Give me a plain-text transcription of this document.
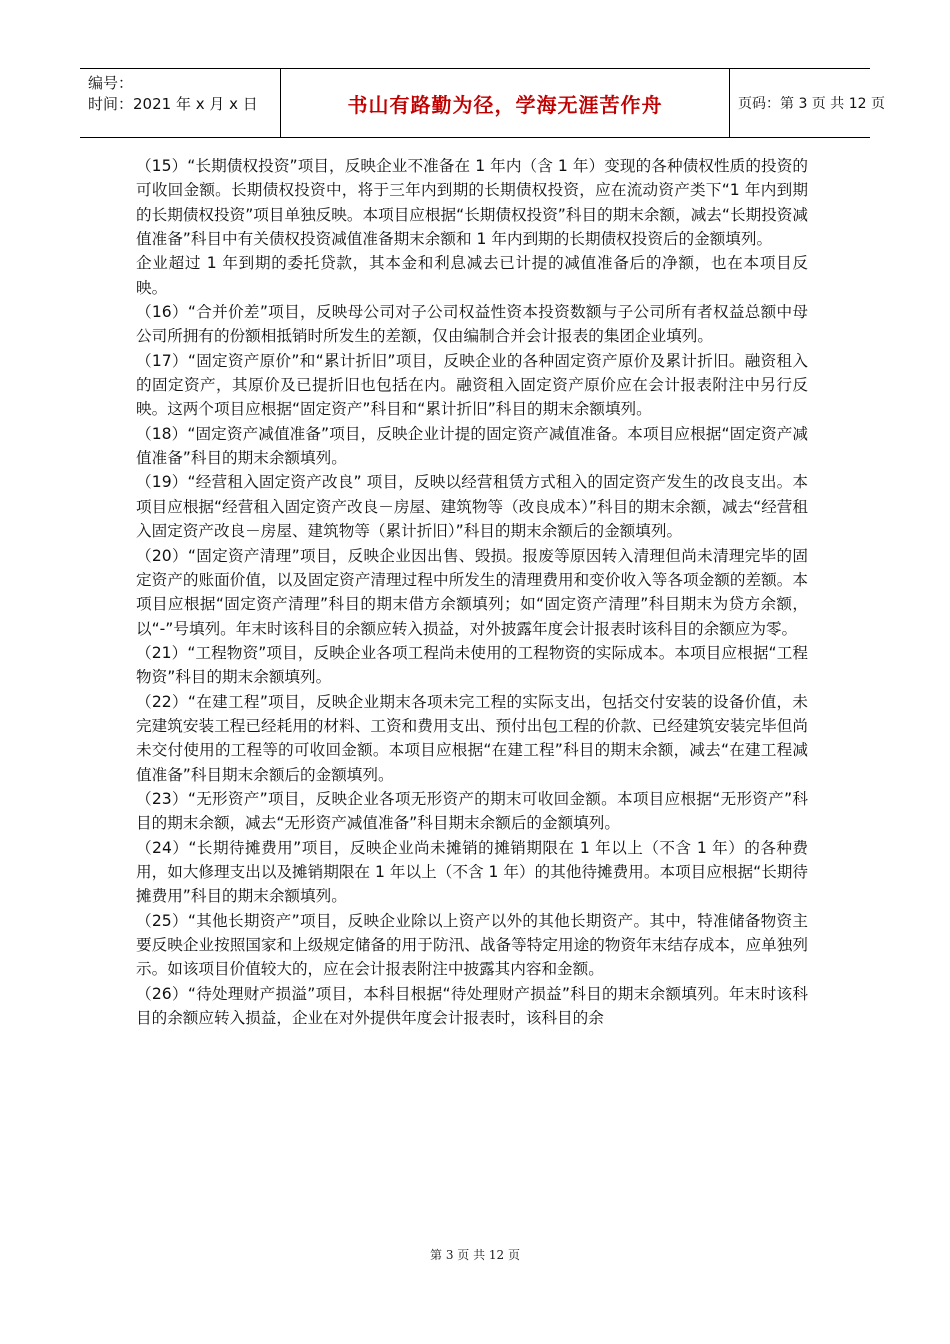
编号：
时间：2021 年 x 月 x 日	书山有路勤为径，学海无涯苦作舟	页码：第 3 页 共 12 页

（15）“长期债权投资”项目，反映企业不准备在 1 年内（含 1 年）变现的各种债权性质的投资的可收回金额。长期债权投资中，将于三年内到期的长期债权投资，应在流动资产类下“1 年内到期的长期债权投资”项目单独反映。本项目应根据“长期债权投资”科目的期末余额，减去“长期投资减值准备”科目中有关债权投资减值准备期末余额和 1 年内到期的长期债权投资后的金额填列。

企业超过 1 年到期的委托贷款，其本金和利息减去已计提的减值准备后的净额，也在本项目反映。

（16）“合并价差”项目，反映母公司对子公司权益性资本投资数额与子公司所有者权益总额中母公司所拥有的份额相抵销时所发生的差额，仅由编制合并会计报表的集团企业填列。

（17）“固定资产原价”和“累计折旧”项目，反映企业的各种固定资产原价及累计折旧。融资租入的固定资产，其原价及已提折旧也包括在内。融资租入固定资产原价应在会计报表附注中另行反映。这两个项目应根据“固定资产”科目和“累计折旧”科目的期末余额填列。

（18）“固定资产减值准备”项目，反映企业计提的固定资产减值准备。本项目应根据“固定资产减值准备”科目的期末余额填列。

（19）“经营租入固定资产改良” 项目，反映以经营租赁方式租入的固定资产发生的改良支出。本项目应根据“经营租入固定资产改良－房屋、建筑物等（改良成本）”科目的期末余额，减去“经营租入固定资产改良－房屋、建筑物等（累计折旧）”科目的期末余额后的金额填列。

（20）“固定资产清理”项目，反映企业因出售、毁损。报废等原因转入清理但尚未清理完毕的固定资产的账面价值，以及固定资产清理过程中所发生的清理费用和变价收入等各项金额的差额。本项目应根据“固定资产清理”科目的期末借方余额填列；如“固定资产清理”科目期末为贷方余额，以“-”号填列。年末时该科目的余额应转入损益，对外披露年度会计报表时该科目的余额应为零。

（21）“工程物资”项目，反映企业各项工程尚未使用的工程物资的实际成本。本项目应根据“工程物资”科目的期末余额填列。

（22）“在建工程”项目，反映企业期末各项未完工程的实际支出，包括交付安装的设备价值，未完建筑安装工程已经耗用的材料、工资和费用支出、预付出包工程的价款、已经建筑安装完毕但尚未交付使用的工程等的可收回金额。本项目应根据“在建工程”科目的期末余额，减去“在建工程减值准备”科目期末余额后的金额填列。

（23）“无形资产”项目，反映企业各项无形资产的期末可收回金额。本项目应根据“无形资产”科目的期末余额，减去“无形资产减值准备”科目期末余额后的金额填列。

（24）“长期待摊费用”项目，反映企业尚未摊销的摊销期限在 1 年以上（不含 1 年）的各种费用，如大修理支出以及摊销期限在 1 年以上（不含 1 年）的其他待摊费用。本项目应根据“长期待摊费用”科目的期末余额填列。

（25）“其他长期资产”项目，反映企业除以上资产以外的其他长期资产。其中，特准储备物资主要反映企业按照国家和上级规定储备的用于防汛、战备等特定用途的物资年末结存成本，应单独列示。如该项目价值较大的，应在会计报表附注中披露其内容和金额。

（26）“待处理财产损溢”项目，本科目根据“待处理财产损益”科目的期末余额填列。年末时该科目的余额应转入损益，企业在对外提供年度会计报表时，该科目的余

第 3 页 共 12 页
